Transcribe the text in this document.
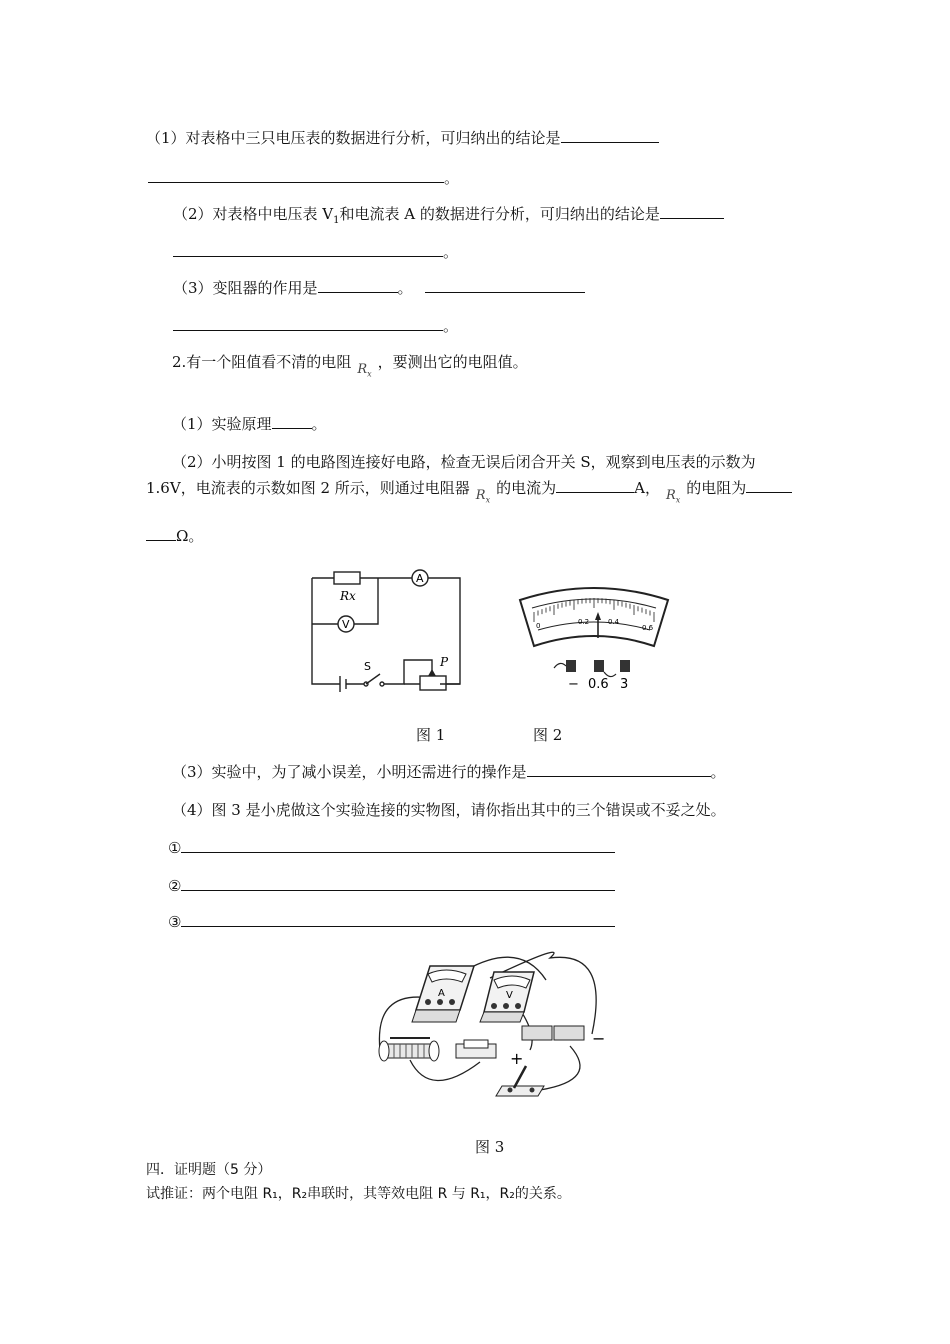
（1）对表格中三只电压表的数据进行分析，可归纳出的结论是
。
（2）对表格中电压表 $V_1$和电流表 A 的数据进行分析，可归纳出的结论是
。
（3）变阻器的作用是	。
。
2.有一个阻值看不清的电阻 $R_x$，要测出它的电阻值。
（1）实验原理	。
（2）小明按图 1 的电路图连接好电路，检查无误后闭合开关 S，观察到电压表的示数为
1.6V，电流表的示数如图 2 所示，则通过电阻器 $R_x$的电流为	A， $R_x$的电阻为
Ω。
Rx
A
V
S	P
0	0.2	0.4
0.6
− 0.6 3
图 1	图 2
（3）实验中，为了减小误差，小明还需进行的操作是	。
（4）图 3 是小虎做这个实验连接的实物图，请你指出其中的三个错误或不妥之处。
①
②
③
A	V
+
−
图 3
四．证明题（5 分）
试推证：两个电阻 R₁，R₂串联时，其等效电阻 R 与 R₁，R₂的关系。
